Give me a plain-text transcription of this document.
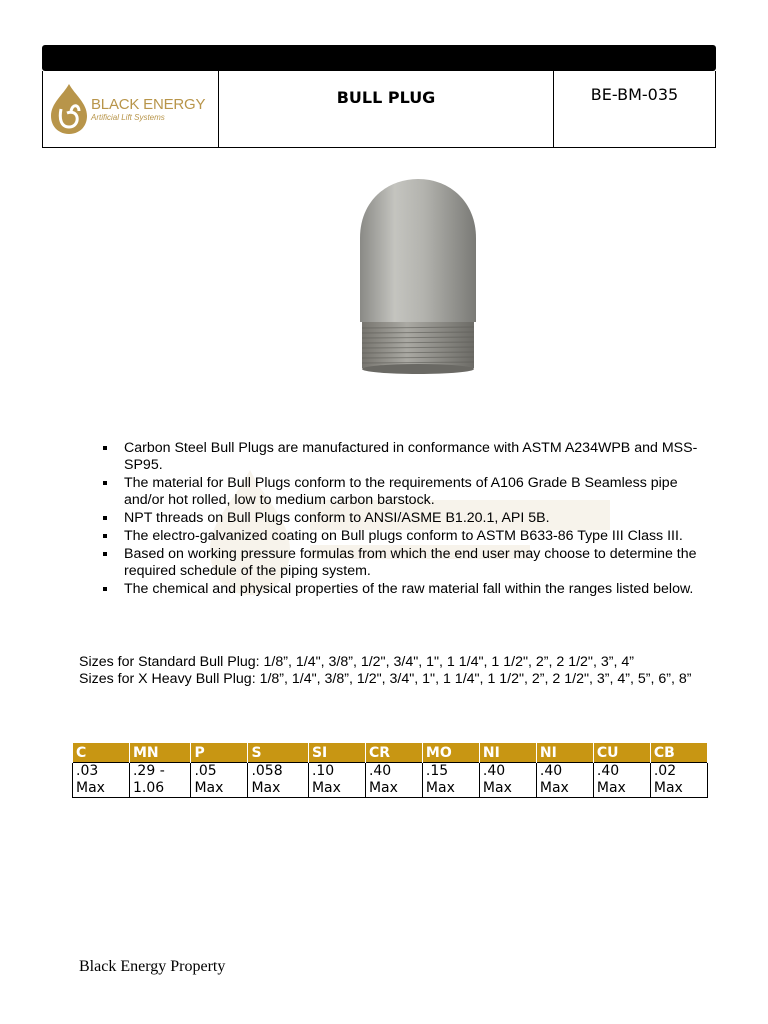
BLACK ENERGY
Artificial Lift Systems
BULL PLUG	BE-BM-035
Carbon Steel Bull Plugs are manufactured in conformance with ASTM A234WPB and MSS-SP95.
The material for Bull Plugs conform to the requirements of A106 Grade B Seamless pipe and/or hot rolled, low to medium carbon barstock.
NPT threads on Bull Plugs conform to ANSI/ASME B1.20.1, API 5B.
The electro-galvanized coating on Bull plugs conform to ASTM B633-86 Type III Class III.
Based on working pressure formulas from which the end user may choose to determine the required schedule of the piping system.
The chemical and physical properties of the raw material fall within the ranges listed below.

Sizes for Standard Bull Plug: 1/8”, 1/4", 3/8”, 1/2", 3/4", 1", 1 1/4", 1 1/2", 2”, 2 1/2", 3”, 4”

Sizes for X Heavy Bull Plug: 1/8”, 1/4", 3/8”, 1/2", 3/4", 1", 1 1/4", 1 1/2", 2”, 2 1/2", 3”, 4”, 5”, 6”, 8”

C	MN	P	S	SI	CR	MO	NI	NI	CU	CB
.03	.29 -	.05	.058	.10	.40	.15	.40	.40	.40	.02
Max	1.06	Max	Max	Max	Max	Max	Max	Max	Max	Max
Black Energy Property
